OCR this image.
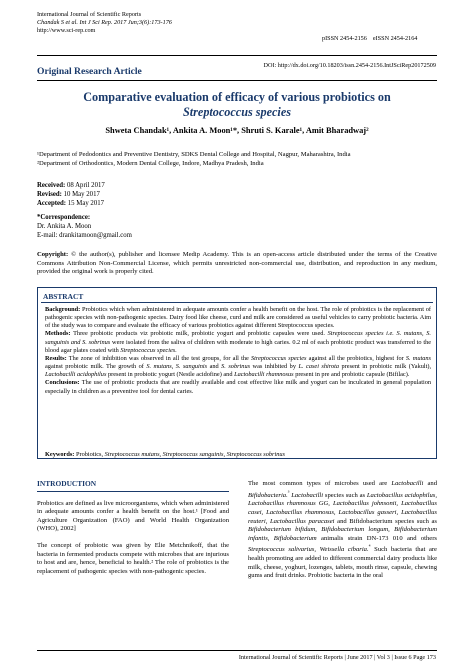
International Journal of Scientific Reports
Chandak S et al. Int J Sci Rep. 2017 Jun;3(6):173-176
http://www.sci-rep.com
pISSN 2454-2156 eISSN 2454-2164
DOI: http://dx.doi.org/10.18203/issn.2454-2156.IntJSciRep20172509
Original Research Article
Comparative evaluation of efficacy of various probiotics on
Streptococcus species
Shweta Chandak¹, Ankita A. Moon¹*, Shruti S. Karale¹, Amit Bharadwaj²
¹Department of Pedodontics and Preventive Dentistry, SDKS Dental College and Hospital, Nagpur, Maharashtra, India
²Department of Orthodontics, Modern Dental College, Indore, Madhya Pradesh, India
Received: 08 April 2017
Revised: 10 May 2017
Accepted: 15 May 2017
*Correspondence:
Dr. Ankita A. Moon
E-mail: drankitamoon@gmail.com
Copyright: © the author(s), publisher and licensee Medip Academy. This is an open-access article distributed under the terms of the Creative Commons Attribution Non-Commercial License, which permits unrestricted non-commercial use, distribution, and reproduction in any medium, provided the original work is properly cited.
ABSTRACT

Background: Probiotics which when administered in adequate amounts confer a health benefit on the host. The role of probiotics is the replacement of pathogenic species with non-pathogenic species. Dairy food like cheese, curd and milk are considered as useful vehicles to carry probiotic bacteria. Aim of the study was to compare and evaluate the efficacy of various probiotics against different Streptococcus species.

Methods: Three probiotic products viz probiotic milk, probiotic yogurt and probiotic capsules were used. Streptococcus species i.e. S. mutans, S. sanguinis and S. sobrinus were isolated from the saliva of children with moderate to high caries. 0.2 ml of each probiotic product was transferred to the blood agar plates coated with Streptococcus species.

Results: The zone of inhibition was observed in all the test groups, for all the Streptococcus species against all the probiotics, highest for S. mutans against probiotic milk. The growth of S. mutans, S. sanguinis and S. sobrinus was inhibited by L. casei shirota present in probiotic milk (Yakult), Lactobacilli acidophilus present in probiotic yogurt (Nestle acidofine) and Lactobacilli rhamnosus present in pre and probiotic capsule (Bifilac).

Conclusions: The use of probiotic products that are readily available and cost effective like milk and yogurt can be inculcated in general population especially in children as a preventive tool for dental caries.

Keywords: Probiotics, Streptococcus mutans, Streptococcus sanguinis, Streptococcus sobrinus
INTRODUCTION

Probiotics are defined as live microorganisms, which when administered in adequate amounts confer a health benefit on the host.¹ [Food and Agriculture Organization (FAO) and World Health Organization (WHO), 2002]

The concept of probiotic was given by Elie Metchnikoff, that the bacteria in fermented products compete with microbes that are injurious to host and are, hence, beneficial to health.² The role of probiotics is the replacement of pathogenic species with non-pathogenic species.

The most common types of microbes used are Lactobacilli and Bifidobacteria.$^{^3}$ Lactobacilli species such as Lactobacillus acidophilus, Lactobacillus rhamnosus GG, Lactobacillus johnsonii, Lactobacillus casei, Lactobacillus rhamnosus, Lactobacillus gasseri, Lactobacillus reuteri, Lactobacillus paracasei and Bifidobacterium species such as Bifidobacterium bifidum, Bifidobacterium longum, Bifidobacterium infantis, Bifidobacterium animalis strain DN-173 010 and others Streptococcus salivarius, Weissella cibaria.$^{^4}$ Such bacteria that are health promoting are added to different commercial dairy products like milk, cheese, yoghurt, lozenges, tablets, mouth rinse, capsule, chewing gums and fruit drinks. Probiotic bacteria in the oral

International Journal of Scientific Reports | June 2017 | Vol 3 | Issue 6 Page 173
